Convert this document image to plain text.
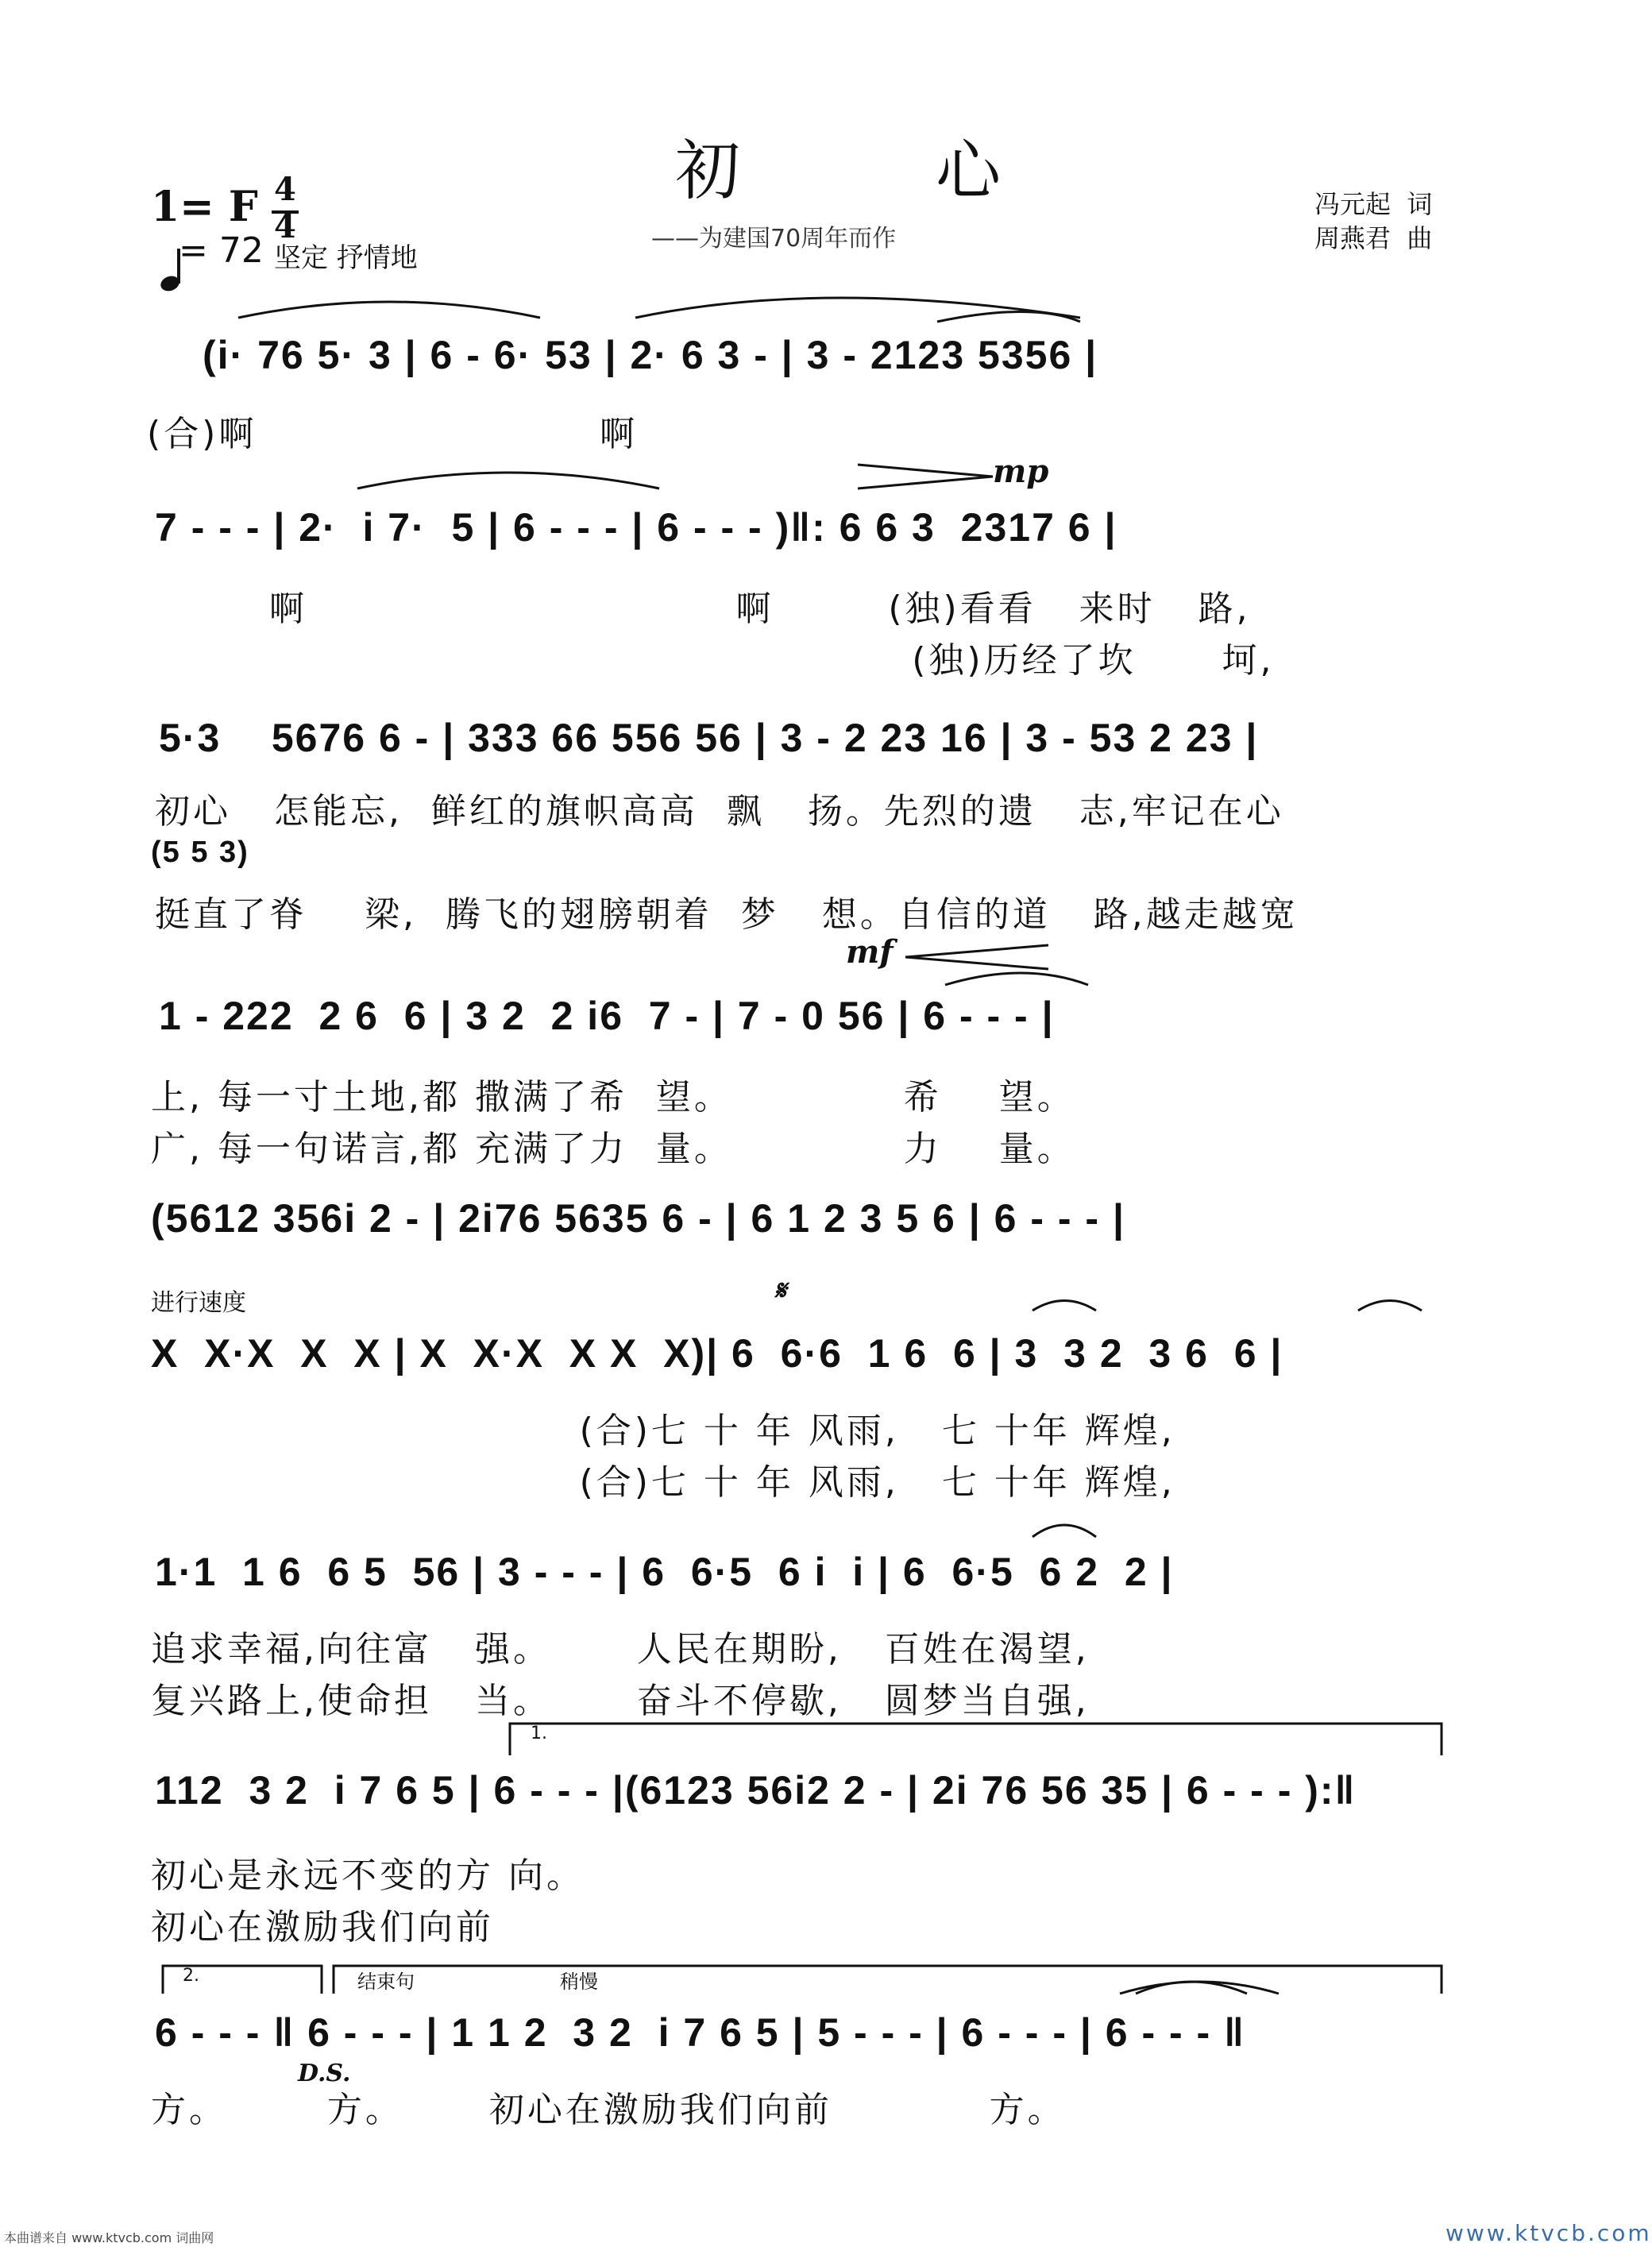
初 心
——为建国70周年而作
1= F 4
4

= 72 坚定 抒情地
冯元起  词
周燕君  曲
(i· 76 5· 3 | 6 - 6· 53 | 2· 6 3 - | 3 - 2123 5356 |
(合)啊                        啊
mp
7 - - - | 2·  i 7·  5 | 6 - - - | 6 - - - )‖: 6 6 3  2317 6 |
啊                              啊        (独)看看   来时   路,
(独)历经了坎      坷,
5·3    5676 6 - | 333 66 556 56 | 3 - 2 23 16 | 3 - 53 2 23 |
初心   怎能忘,  鲜红的旗帜高高  飘   扬。先烈的遗   志,牢记在心
(5 5 3)
挺直了脊    梁,  腾飞的翅膀朝着  梦   想。自信的道   路,越走越宽
mf
1 - 222  2 6  6 | 3 2  2 i6  7 - | 7 - 0 56 | 6 - - - |
上, 每一寸土地,都 撒满了希  望。            希    望。
广, 每一句诺言,都 充满了力  量。            力    量。
(5612 356i 2 - | 2i76 5635 6 - | 6 1 2 3 5 6 | 6 - - - |
进行速度	𝄋
X  X·X  X  X | X  X·X  X X  X)| 6  6·6  1 6  6 | 3  3 2  3 6  6 |
(合)七 十 年 风雨,   七 十年 辉煌,
(合)七 十 年 风雨,   七 十年 辉煌,
1·1  1 6  6 5  56 | 3 - - - | 6  6·5  6 i  i | 6  6·5  6 2  2 |
追求幸福,向往富   强。      人民在期盼,   百姓在渴望,
复兴路上,使命担   当。      奋斗不停歇,   圆梦当自强,
1.
112  3 2  i 7 6 5 | 6 - - - |(6123 56i2 2 - | 2i 76 56 35 | 6 - - - ):‖
初心是永远不变的方 向。
初心在激励我们向前
2.	结束句	稍慢
6 - - - ‖ 6 - - - | 1 1 2  3 2  i 7 6 5 | 5 - - - | 6 - - - | 6 - - - ‖
D.S.
方。       方。      初心在激励我们向前           方。
本曲谱来自 www.ktvcb.com 词曲网	www.ktvcb.com
